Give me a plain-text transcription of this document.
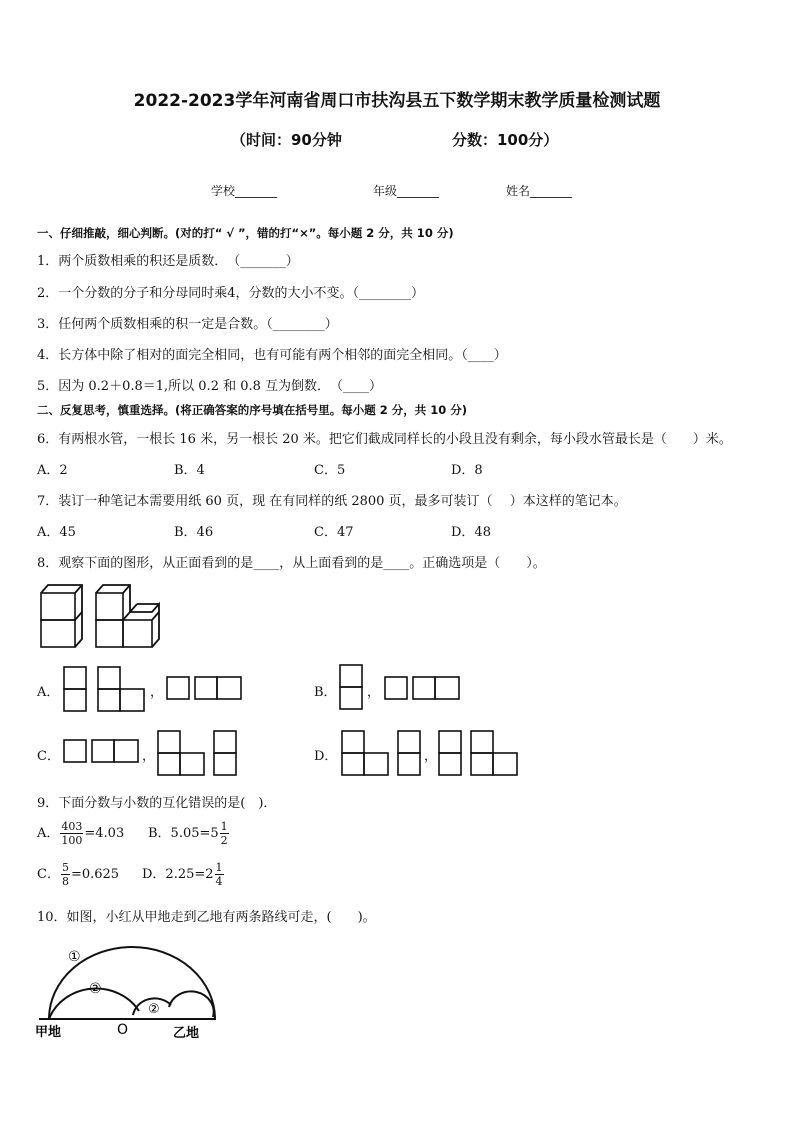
2022-2023学年河南省周口市扶沟县五下数学期末教学质量检测试题
（时间：90分钟	分数：100分）
学校_______	年级_______	姓名_______
一、仔细推敲，细心判断。(对的打“ √ ”，错的打“×”。每小题 2 分，共 10 分)
1．两个质数相乘的积还是质数．　（_______）
2．一个分数的分子和分母同时乘4，分数的大小不变。（________）
3．任何两个质数相乘的积一定是合数。（________）
4．长方体中除了相对的面完全相同，也有可能有两个相邻的面完全相同。（____）
5．因为 0.2＋0.8＝1,所以 0.2 和 0.8 互为倒数．　（____）
二、反复思考，慎重选择。(将正确答案的序号填在括号里。每小题 2 分，共 10 分)
6．有两根水管，一根长 16 米，另一根长 20 米。把它们截成同样长的小段且没有剩余，每小段水管最长是（　　）米。
A．2	B．4	C．5	D．8
7．装订一种笔记本需要用纸 60 页，现 在有同样的纸 2800 页，最多可装订（　 ）本这样的笔记本。
A．45	B．46	C．47	D．48
8．观察下面的图形，从正面看到的是____，从上面看到的是____。正确选项是（　　）。
A．	，	B． ，
C．	，	D．	，
9．下面分数与小数的互化错误的是(　)．
A． $\frac{403}{100} =4.03$ B．$5.05=5 \frac{1}{2}$
C． $\frac{5}{8} =0.625$ D．$2.25=2 \frac{1}{4}$
10．如图，小红从甲地走到乙地有两条路线可走，(　　)。
①
②
②
甲地	O	乙地
